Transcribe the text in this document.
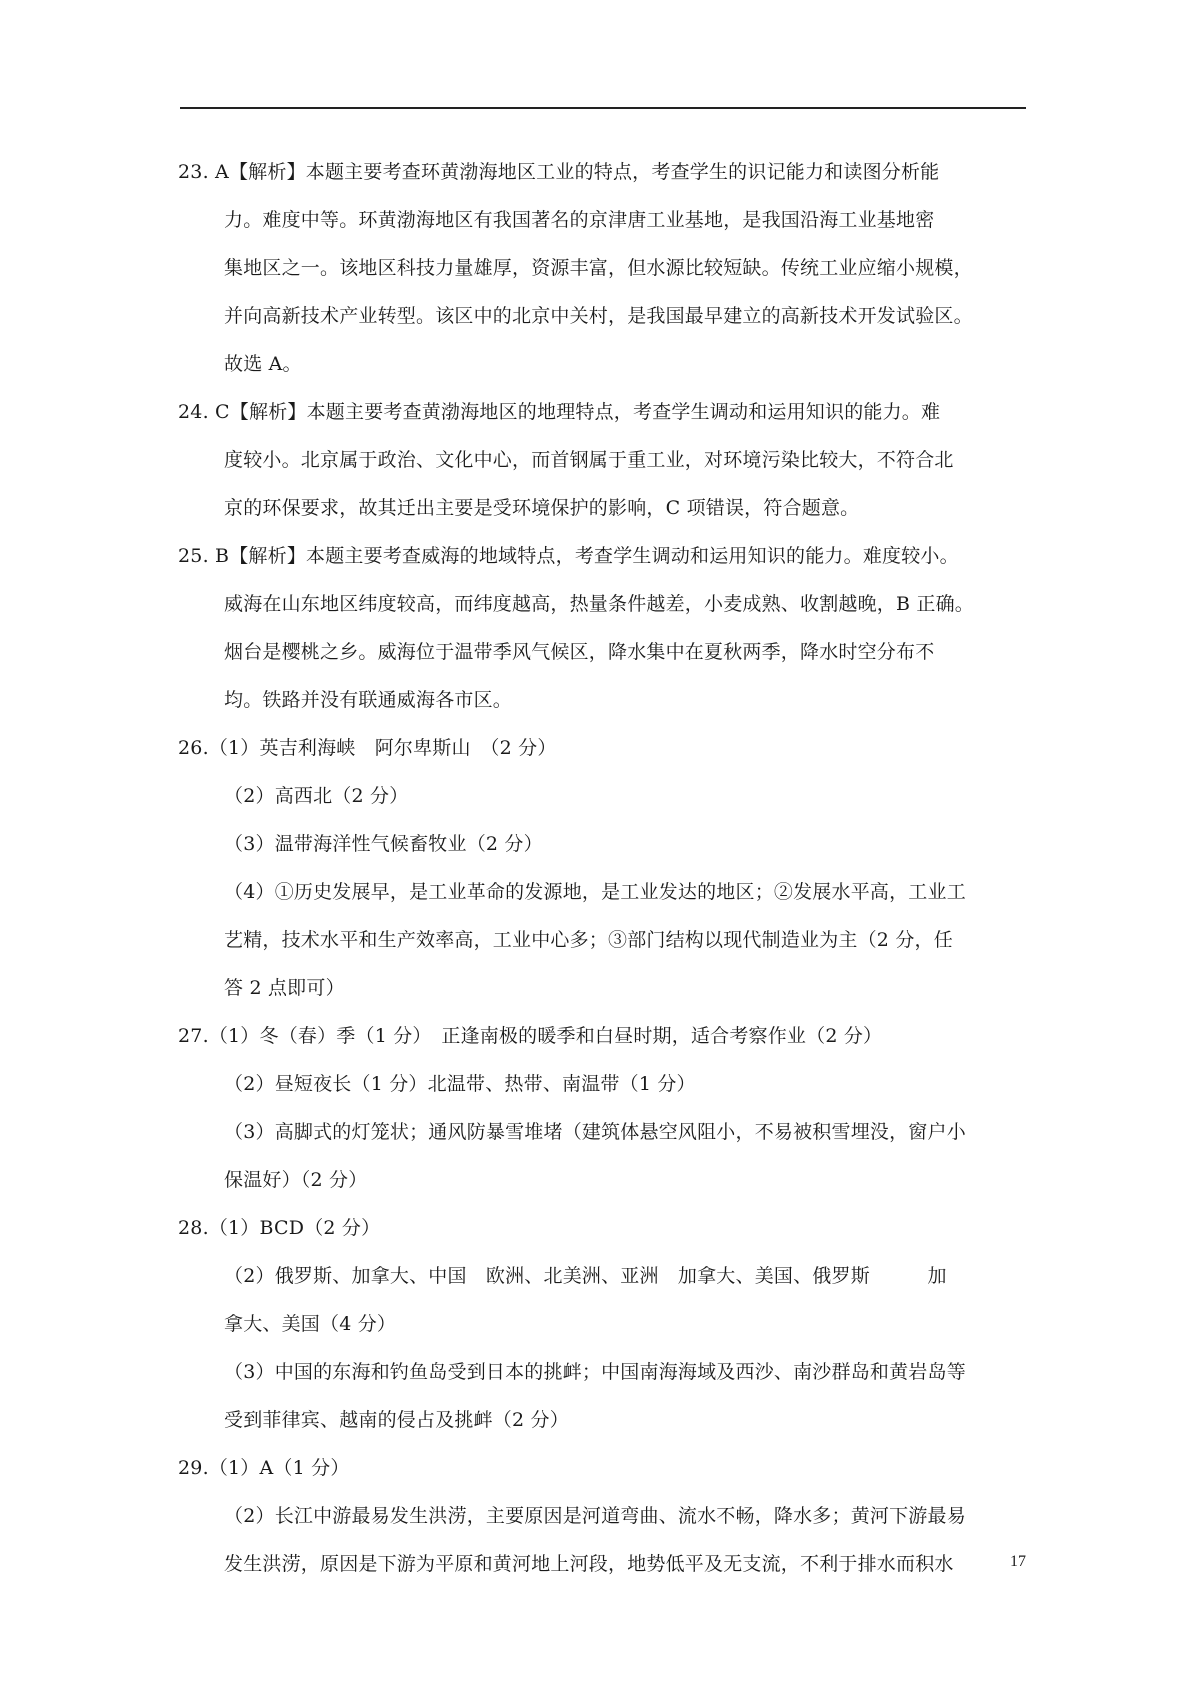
23. A【解析】本题主要考查环黄渤海地区工业的特点，考查学生的识记能力和读图分析能
力。难度中等。环黄渤海地区有我国著名的京津唐工业基地，是我国沿海工业基地密
集地区之一。该地区科技力量雄厚，资源丰富，但水源比较短缺。传统工业应缩小规模，
并向高新技术产业转型。该区中的北京中关村，是我国最早建立的高新技术开发试验区。
故选 A。
24. C【解析】本题主要考查黄渤海地区的地理特点，考查学生调动和运用知识的能力。难
度较小。北京属于政治、文化中心，而首钢属于重工业，对环境污染比较大，不符合北
京的环保要求，故其迁出主要是受环境保护的影响，C 项错误，符合题意。
25. B【解析】本题主要考查威海的地域特点，考查学生调动和运用知识的能力。难度较小。
威海在山东地区纬度较高，而纬度越高，热量条件越差，小麦成熟、收割越晚，B 正确。
烟台是樱桃之乡。威海位于温带季风气候区，降水集中在夏秋两季，降水时空分布不
均。铁路并没有联通威海各市区。
26.（1）英吉利海峡　阿尔卑斯山　（2 分）
（2）高西北（2 分）
（3）温带海洋性气候畜牧业（2 分）
（4）①历史发展早，是工业革命的发源地，是工业发达的地区；②发展水平高，工业工
艺精，技术水平和生产效率高，工业中心多；③部门结构以现代制造业为主（2 分，任
答 2 点即可）
27.（1）冬（春）季（1 分）　正逢南极的暖季和白昼时期，适合考察作业（2 分）
（2）昼短夜长（1 分）北温带、热带、南温带（1 分）
（3）高脚式的灯笼状；通风防暴雪堆堵（建筑体悬空风阻小，不易被积雪埋没，窗户小
保温好）（2 分）
28.（1）BCD（2 分）
（2）俄罗斯、加拿大、中国　欧洲、北美洲、亚洲　加拿大、美国、俄罗斯　　　加
拿大、美国（4 分）
（3）中国的东海和钓鱼岛受到日本的挑衅；中国南海海域及西沙、南沙群岛和黄岩岛等
受到菲律宾、越南的侵占及挑衅（2 分）
29.（1）A（1 分）
（2）长江中游最易发生洪涝，主要原因是河道弯曲、流水不畅，降水多；黄河下游最易
发生洪涝，原因是下游为平原和黄河地上河段，地势低平及无支流，不利于排水而积水	17
